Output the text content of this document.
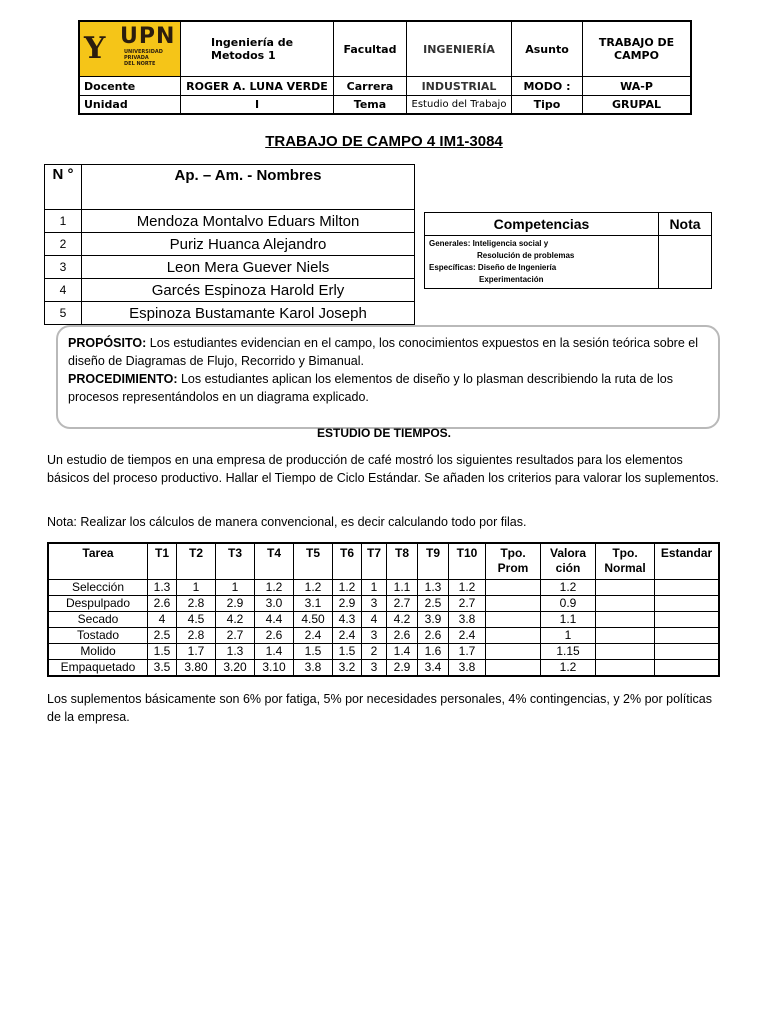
Y UPN
UNIVERSIDAD
PRIVADA
DEL NORTE	Ingeniería de Metodos 1	Facultad	INGENIERÍA	Asunto	TRABAJO DE CAMPO
Docente	ROGER A. LUNA VERDE	Carrera	INDUSTRIAL	MODO :	WA-P
Unidad	I	Tema	Estudio del Trabajo	Tipo	GRUPAL
TRABAJO DE CAMPO 4 IM1-3084
N °	Ap. – Am. - Nombres
1	Mendoza Montalvo Eduars Milton
2	Puriz Huanca Alejandro
3	Leon Mera Guever Niels
4	Garcés Espinoza Harold Erly
5	Espinoza Bustamante Karol Joseph
Competencias	Nota
Generales: Inteligencia social y
Resolución de problemas
Específicas: Diseño de Ingeniería
Experimentación	

PROPÓSITO: Los estudiantes evidencian en el campo, los conocimientos expuestos en la sesión teórica sobre el diseño de Diagramas de Flujo, Recorrido y Bimanual.
PROCEDIMIENTO: Los estudiantes aplican los elementos de diseño y lo plasman describiendo la ruta de los procesos representándolos en un diagrama explicado.
ESTUDIO DE TIEMPOS.
Un estudio de tiempos en una empresa de producción de café mostró los siguientes resultados para los elementos básicos del proceso productivo. Hallar el Tiempo de Ciclo Estándar. Se añaden los criterios para valorar los suplementos.
Nota: Realizar los cálculos de manera convencional, es decir calculando todo por filas.
Tarea	T1	T2	T3	T4	T5	T6	T7	T8	T9	T10	Tpo. Prom	Valora ción	Tpo. Normal	Estandar
Selección	1.3	1	1	1.2	1.2	1.2	1	1.1	1.3	1.2		1.2		
Despulpado	2.6	2.8	2.9	3.0	3.1	2.9	3	2.7	2.5	2.7		0.9		
Secado	4	4.5	4.2	4.4	4.50	4.3	4	4.2	3.9	3.8		1.1		
Tostado	2.5	2.8	2.7	2.6	2.4	2.4	3	2.6	2.6	2.4		1		
Molido	1.5	1.7	1.3	1.4	1.5	1.5	2	1.4	1.6	1.7		1.15		
Empaquetado	3.5	3.80	3.20	3.10	3.8	3.2	3	2.9	3.4	3.8		1.2		
Los suplementos básicamente son 6% por fatiga, 5% por necesidades personales, 4% contingencias, y 2% por políticas de la empresa.
